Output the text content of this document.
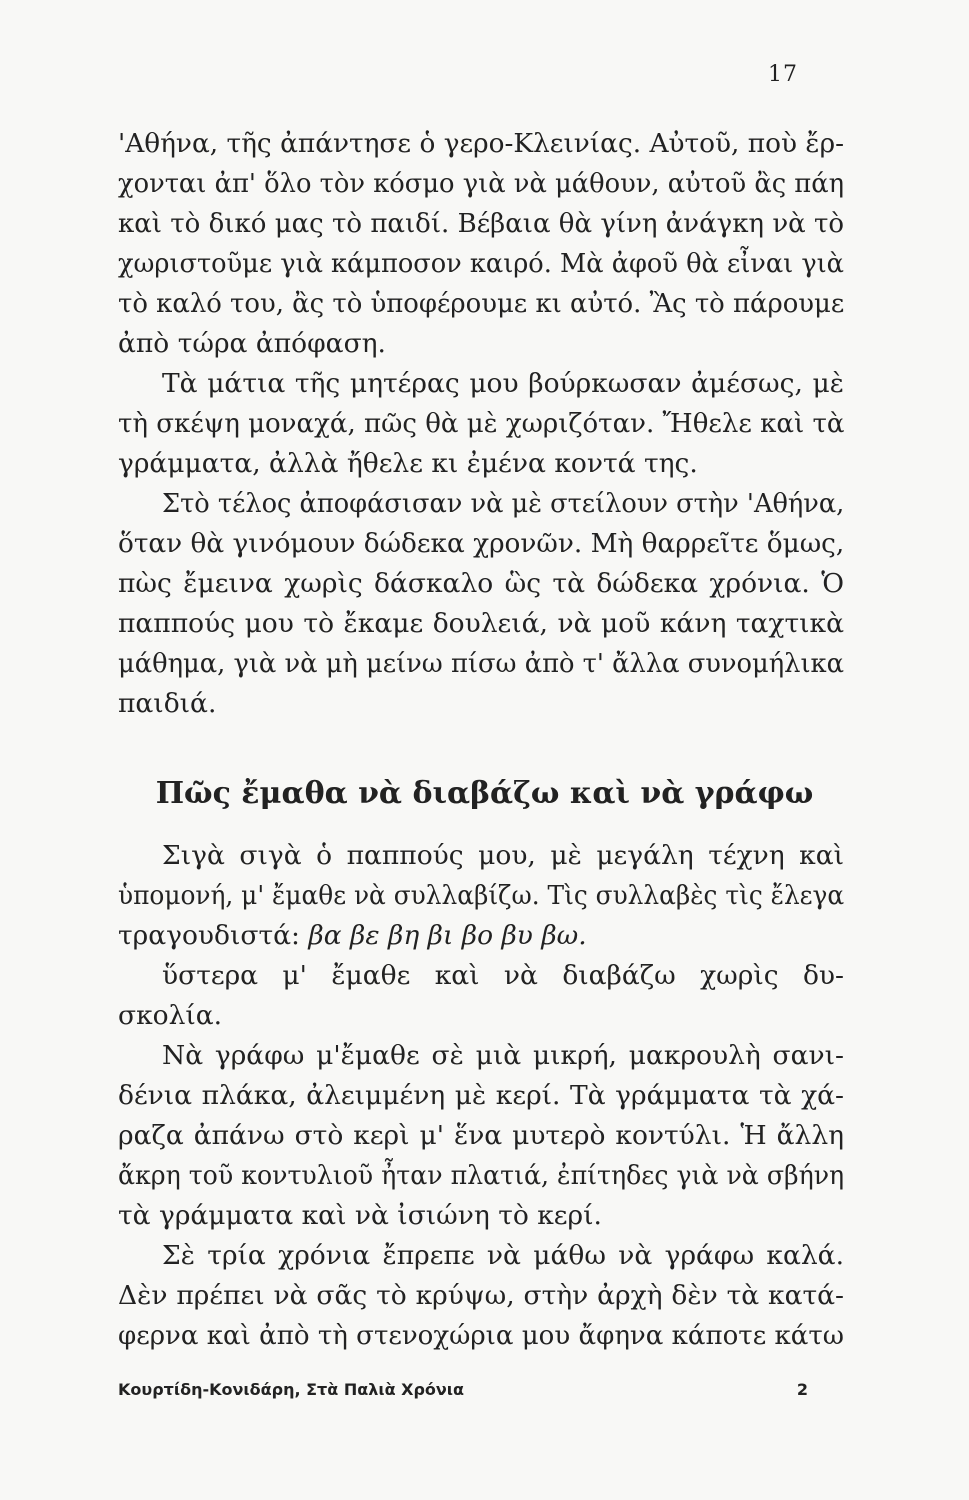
17
'Αθήνα, τῆς ἀπάντησε ὁ γερο-Κλεινίας. Αὐτοῦ, ποὺ ἔρ-
χονται ἀπ' ὅλο τὸν κόσμο γιὰ νὰ μάθουν, αὐτοῦ ἂς πάη
καὶ τὸ δικό μας τὸ παιδί. Βέβαια θὰ γίνη ἀνάγκη νὰ τὸ
χωριστοῦμε γιὰ κάμποσον καιρό. Μὰ ἀφοῦ θὰ εἶναι γιὰ
τὸ καλό του, ἂς τὸ ὑποφέρουμε κι αὐτό. Ἂς τὸ πάρουμε
ἀπὸ τώρα ἀπόφαση.
Τὰ μάτια τῆς μητέρας μου βούρκωσαν ἀμέσως, μὲ
τὴ σκέψη μοναχά, πῶς θὰ μὲ χωριζόταν. Ἤθελε καὶ τὰ
γράμματα, ἀλλὰ ἤθελε κι ἐμένα κοντά της.
Στὸ τέλος ἀποφάσισαν νὰ μὲ στείλουν στὴν 'Αθήνα,
ὅταν θὰ γινόμουν δώδεκα χρονῶν. Μὴ θαρρεῖτε ὅμως,
πὼς ἔμεινα χωρὶς δάσκαλο ὣς τὰ δώδεκα χρόνια. Ὁ
παππούς μου τὸ ἔκαμε δουλειά, νὰ μοῦ κάνη ταχτικὰ
μάθημα, γιὰ νὰ μὴ μείνω πίσω ἀπὸ τ' ἄλλα συνομήλικα
παιδιά.
Πῶς ἔμαθα νὰ διαβάζω καὶ νὰ γράφω
Σιγὰ σιγὰ ὁ παππούς μου, μὲ μεγάλη τέχνη καὶ
ὑπομονή, μ' ἔμαθε νὰ συλλαβίζω. Τὶς συλλαβὲς τὶς ἔλεγα
τραγουδιστά: βα βε βη βι βο βυ βω.
ὕστερα μ' ἔμαθε καὶ νὰ διαβάζω χωρὶς δυ-
σκολία.
Νὰ γράφω μ'ἔμαθε σὲ μιὰ μικρή, μακρουλὴ σανι-
δένια πλάκα, ἀλειμμένη μὲ κερί. Τὰ γράμματα τὰ χά-
ραζα ἀπάνω στὸ κερὶ μ' ἕνα μυτερὸ κοντύλι. Ἡ ἄλλη
ἄκρη τοῦ κοντυλιοῦ ἦταν πλατιά, ἐπίτηδες γιὰ νὰ σβήνη
τὰ γράμματα καὶ νὰ ἰσιώνη τὸ κερί.
Σὲ τρία χρόνια ἔπρεπε νὰ μάθω νὰ γράφω καλά.
Δὲν πρέπει νὰ σᾶς τὸ κρύψω, στὴν ἀρχὴ δὲν τὰ κατά-
φερνα καὶ ἀπὸ τὴ στενοχώρια μου ἄφηνα κάποτε κάτω
Κουρτίδη-Κονιδάρη, Στὰ Παλιὰ Χρόνια	2
